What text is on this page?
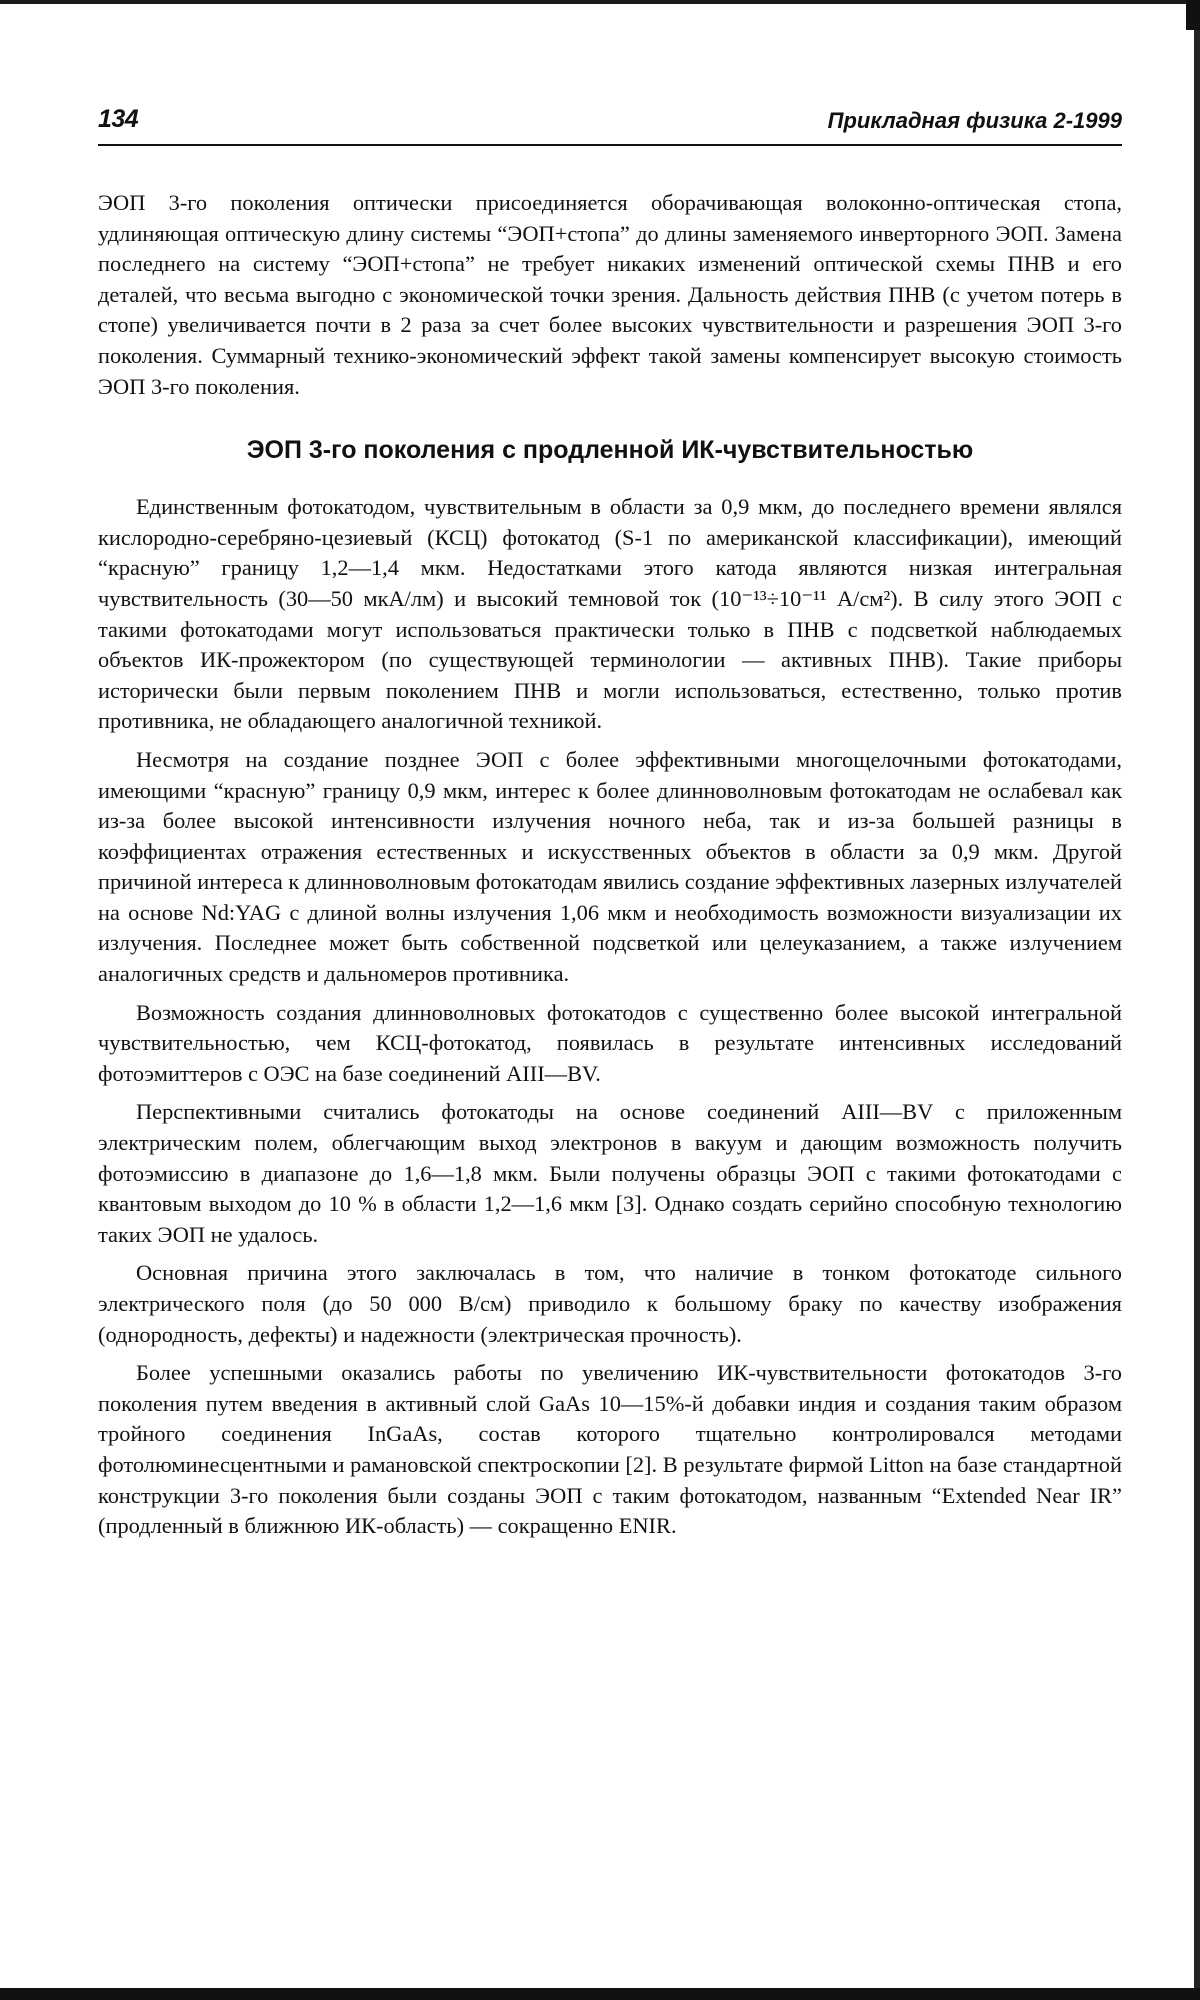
134	Прикладная физика 2-1999

ЭОП 3-го поколения оптически присоединяется оборачивающая волоконно-оптическая стопа, удлиняющая оптическую длину системы “ЭОП+стопа” до длины заменяемого инверторного ЭОП. Замена последнего на систему “ЭОП+стопа” не требует никаких изменений оптической схемы ПНВ и его деталей, что весьма выгодно с экономической точки зрения. Дальность действия ПНВ (с учетом потерь в стопе) увеличивается почти в 2 раза за счет более высоких чувствительности и разрешения ЭОП 3-го поколения. Суммарный технико-экономический эффект такой замены компенсирует высокую стоимость ЭОП 3-го поколения.

ЭОП 3-го поколения с продленной ИК-чувствительностью

Единственным фотокатодом, чувствительным в области за 0,9 мкм, до последнего времени являлся кислородно-серебряно-цезиевый (КСЦ) фотокатод (S-1 по американской классификации), имеющий “красную” границу 1,2—1,4 мкм. Недостатками этого катода являются низкая интегральная чувствительность (30—50 мкА/лм) и высокий темновой ток (10⁻¹³÷10⁻¹¹ А/см²). В силу этого ЭОП с такими фотокатодами могут использоваться практически только в ПНВ с подсветкой наблюдаемых объектов ИК-прожектором (по существующей терминологии — активных ПНВ). Такие приборы исторически были первым поколением ПНВ и могли использоваться, естественно, только против противника, не обладающего аналогичной техникой.

Несмотря на создание позднее ЭОП с более эффективными многощелочными фотокатодами, имеющими “красную” границу 0,9 мкм, интерес к более длинноволновым фотокатодам не ослабевал как из-за более высокой интенсивности излучения ночного неба, так и из-за большей разницы в коэффициентах отражения естественных и искусственных объектов в области за 0,9 мкм. Другой причиной интереса к длинноволновым фотокатодам явились создание эффективных лазерных излучателей на основе Nd:YAG с длиной волны излучения 1,06 мкм и необходимость возможности визуализации их излучения. Последнее может быть собственной подсветкой или целеуказанием, а также излучением аналогичных средств и дальномеров противника.

Возможность создания длинноволновых фотокатодов с существенно более высокой интегральной чувствительностью, чем КСЦ-фотокатод, появилась в результате интенсивных исследований фотоэмиттеров с ОЭС на базе соединений AIII—BV.

Перспективными считались фотокатоды на основе соединений AIII—BV с приложенным электрическим полем, облегчающим выход электронов в вакуум и дающим возможность получить фотоэмиссию в диапазоне до 1,6—1,8 мкм. Были получены образцы ЭОП с такими фотокатодами с квантовым выходом до 10 % в области 1,2—1,6 мкм [3]. Однако создать серийно способную технологию таких ЭОП не удалось.

Основная причина этого заключалась в том, что наличие в тонком фотокатоде сильного электрического поля (до 50 000 В/см) приводило к большому браку по качеству изображения (однородность, дефекты) и надежности (электрическая прочность).

Более успешными оказались работы по увеличению ИК-чувствительности фотокатодов 3-го поколения путем введения в активный слой GaAs 10—15%-й добавки индия и создания таким образом тройного соединения InGaAs, состав которого тщательно контролировался методами фотолюминесцентными и рамановской спектроскопии [2]. В результате фирмой Litton на базе стандартной конструкции 3-го поколения были созданы ЭОП с таким фотокатодом, названным “Extended Near IR” (продленный в ближнюю ИК-область) — сокращенно ENIR.
